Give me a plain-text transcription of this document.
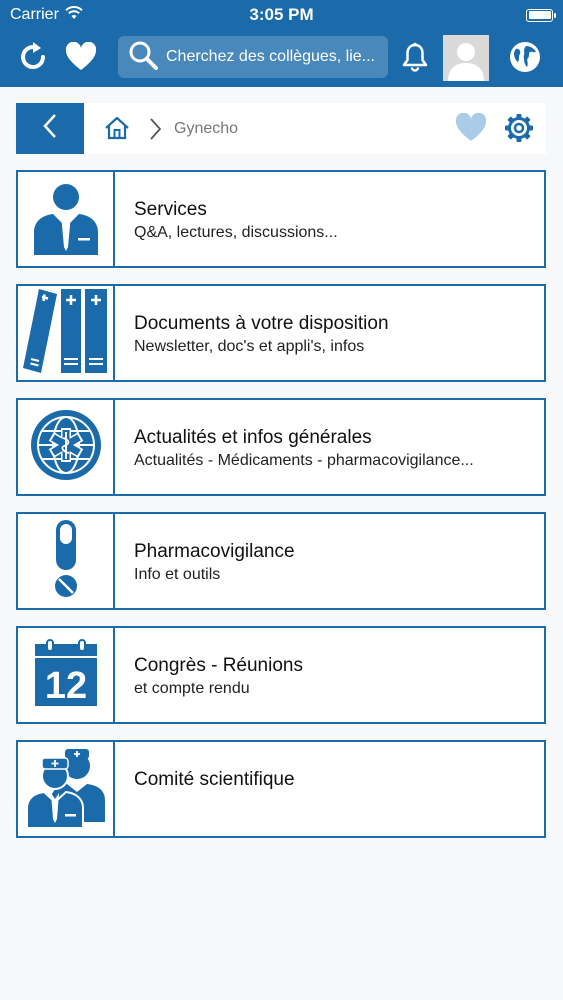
Carrier	3:05 PM
Cherchez des collègues, lie...
Gynecho
Services
Q&A, lectures, discussions...
Documents à votre disposition
Newsletter, doc's et appli's, infos
Actualités et infos générales
Actualités - Médicaments - pharmacovigilance...
Pharmacovigilance
Info et outils
12 Congrès - Réunions
et compte rendu
Comité scientifique
